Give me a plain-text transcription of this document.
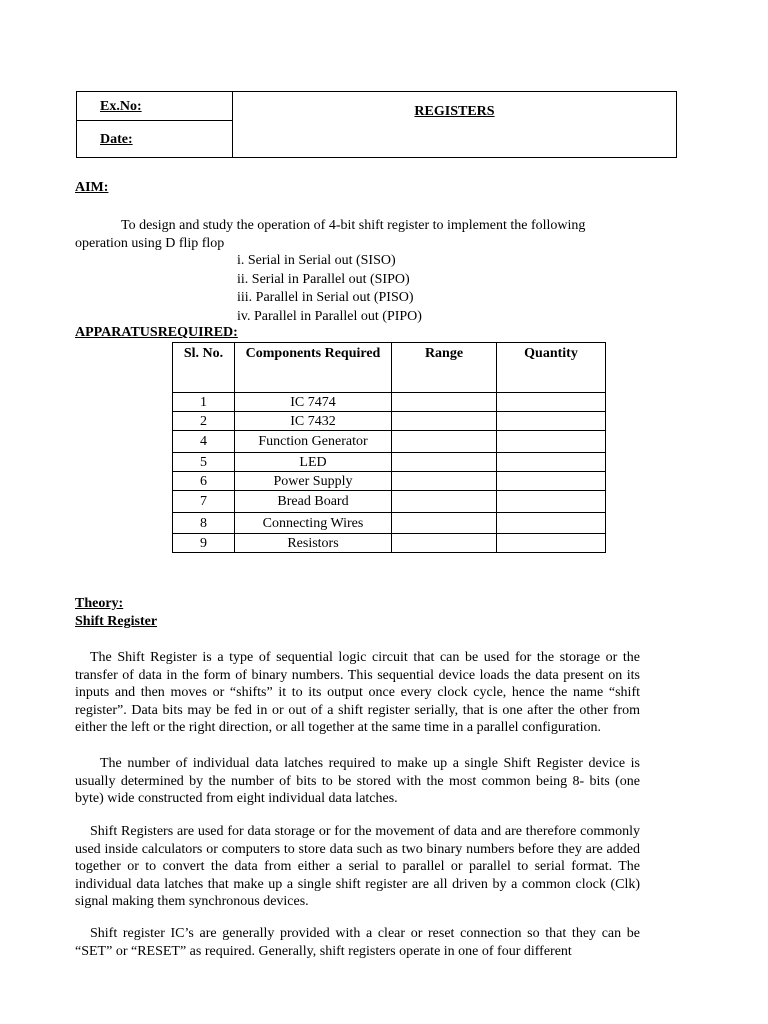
Ex.No:
Date:
REGISTERS
AIM:
To design and study the operation of 4-bit shift register to implement the following
operation using D flip flop
i. Serial in Serial out (SISO)
ii. Serial in Parallel out (SIPO)
iii. Parallel in Serial out (PISO)
iv. Parallel in Parallel out (PIPO)
APPARATUSREQUIRED:
Sl. No.	Components Required	Range	Quantity
1	IC 7474		
2	IC 7432		
4	Function Generator		
5	LED		
6	Power Supply		
7	Bread Board		
8	Connecting Wires		
9	Resistors		
Theory:
Shift Register

The Shift Register is a type of sequential logic circuit that can be used for the storage or the transfer of data in the form of binary numbers. This sequential device loads the data present on its inputs and then moves or “shifts” it to its output once every clock cycle, hence the name “shift register”. Data bits may be fed in or out of a shift register serially, that is one after the other from either the left or the right direction, or all together at the same time in a parallel configuration.

The number of individual data latches required to make up a single Shift Register device is usually determined by the number of bits to be stored with the most common being 8- bits (one byte) wide constructed from eight individual data latches.

Shift Registers are used for data storage or for the movement of data and are therefore commonly used inside calculators or computers to store data such as two binary numbers before they are added together or to convert the data from either a serial to parallel or parallel to serial format. The individual data latches that make up a single shift register are all driven by a common clock (Clk) signal making them synchronous devices.

Shift register IC’s are generally provided with a clear or reset connection so that they can be “SET” or “RESET” as required. Generally, shift registers operate in one of four different
